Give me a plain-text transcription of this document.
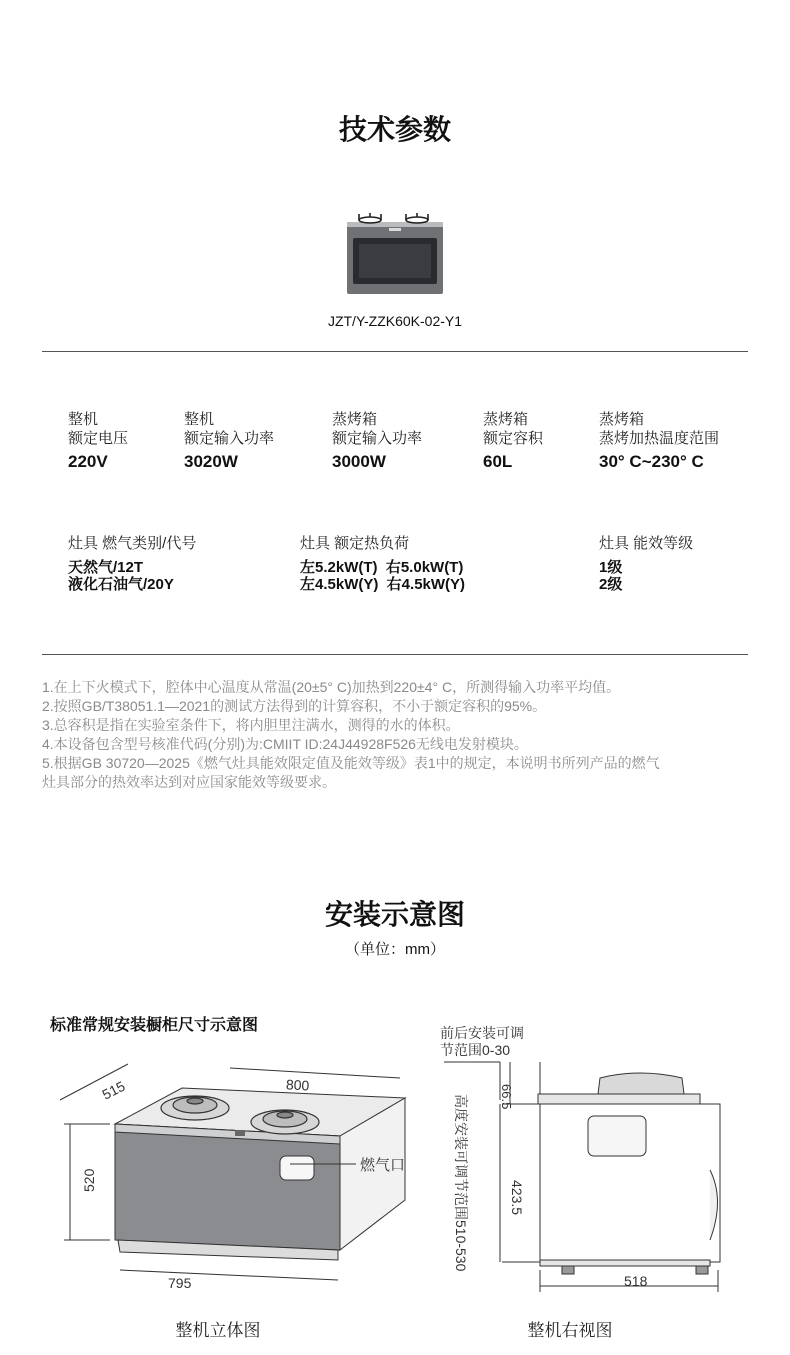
技术参数
JZT/Y-ZZK60K-02-Y1
整机
额定电压
220V
整机
额定输入功率
3020W
蒸烤箱
额定输入功率
3000W
蒸烤箱
额定容积
60L
蒸烤箱
蒸烤加热温度范围
30° C~230° C
灶具 燃气类别/代号
天然气/12T
液化石油气/20Y
灶具 额定热负荷
左5.2kW(T)  右5.0kW(T)
左4.5kW(Y)  右4.5kW(Y)
灶具 能效等级
1级
2级
1.在上下火模式下，腔体中心温度从常温(20±5° C)加热到220±4° C，所测得输入功率平均值。
2.按照GB/T38051.1—2021的测试方法得到的计算容积，不小于额定容积的95%。
3.总容积是指在实验室条件下，将内胆里注满水，测得的水的体积。
4.本设备包含型号核准代码(分别)为:CMIIT ID:24J44928F526无线电发射模块。
5.根据GB 30720—2025《燃气灶具能效限定值及能效等级》表1中的规定，本说明书所列产品的燃气
灶具部分的热效率达到对应国家能效等级要求。
安装示意图
（单位：mm）
标准常规安装橱柜尺寸示意图
515	800
520
795
燃气口
前后安装可调
节范围0-30
66.5
423.5
高度安装可调节范围510-530
518
整机立体图	整机右视图
